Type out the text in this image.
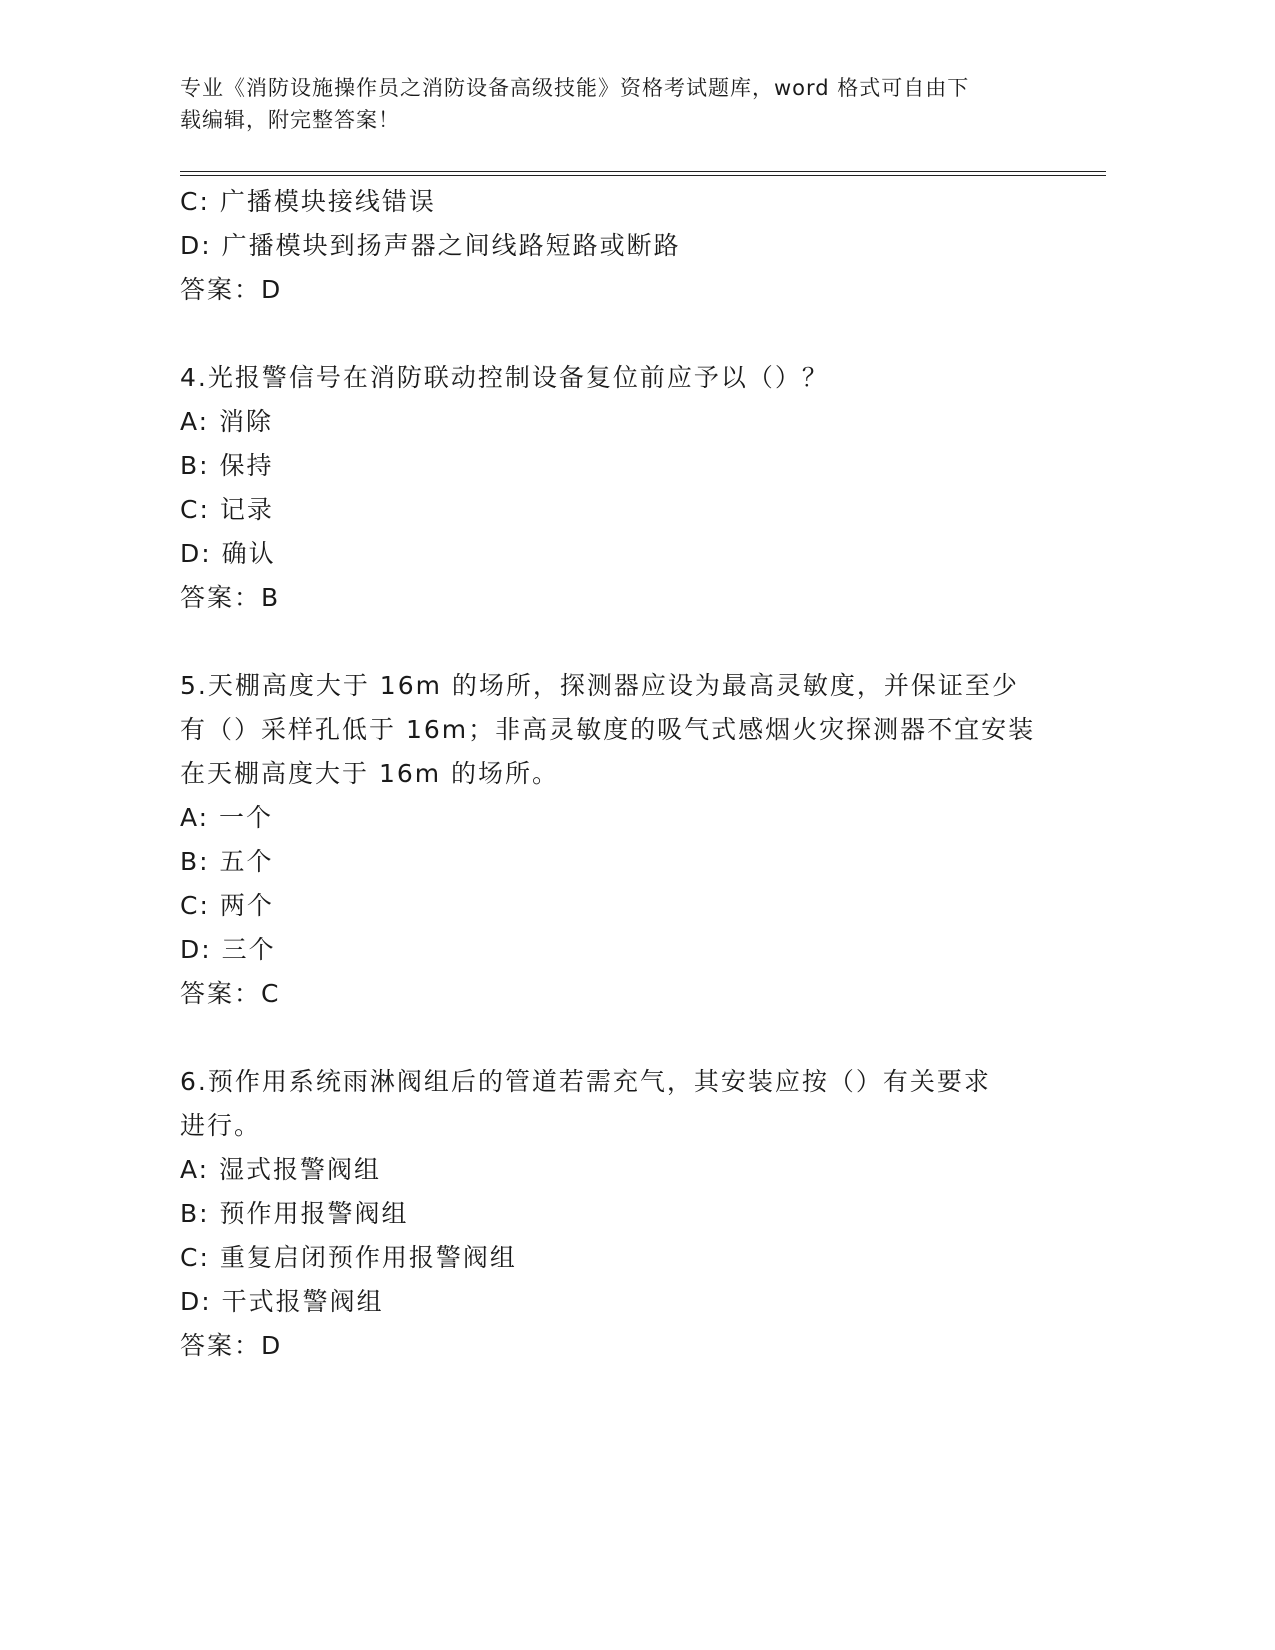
专业《消防设施操作员之消防设备高级技能》资格考试题库，word 格式可自由下
载编辑，附完整答案！

C: 广播模块接线错误

D: 广播模块到扬声器之间线路短路或断路

答案：D

4.光报警信号在消防联动控制设备复位前应予以（）？

A: 消除

B: 保持

C: 记录

D: 确认

答案：B

5.天棚高度大于 16m 的场所，探测器应设为最高灵敏度，并保证至少

有（）采样孔低于 16m；非高灵敏度的吸气式感烟火灾探测器不宜安装

在天棚高度大于 16m 的场所。

A: 一个

B: 五个

C: 两个

D: 三个

答案：C

6.预作用系统雨淋阀组后的管道若需充气，其安装应按（）有关要求

进行。

A: 湿式报警阀组

B: 预作用报警阀组

C: 重复启闭预作用报警阀组

D: 干式报警阀组

答案：D
